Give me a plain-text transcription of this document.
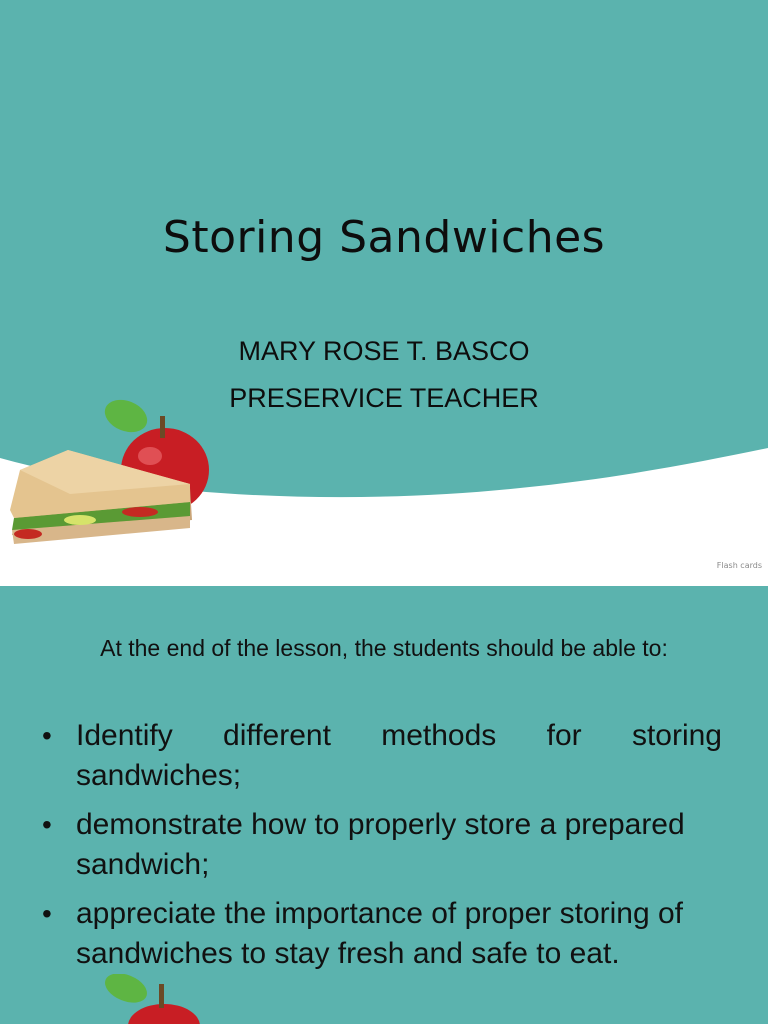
Storing Sandwiches
MARY ROSE T. BASCO
PRESERVICE TEACHER
Flash cards
At the end of the lesson, the students should be able to:
• Identify different methods for storing sandwiches;
• demonstrate how to properly store a prepared sandwich;
• appreciate the importance of proper storing of sandwiches to stay fresh and safe to eat.
